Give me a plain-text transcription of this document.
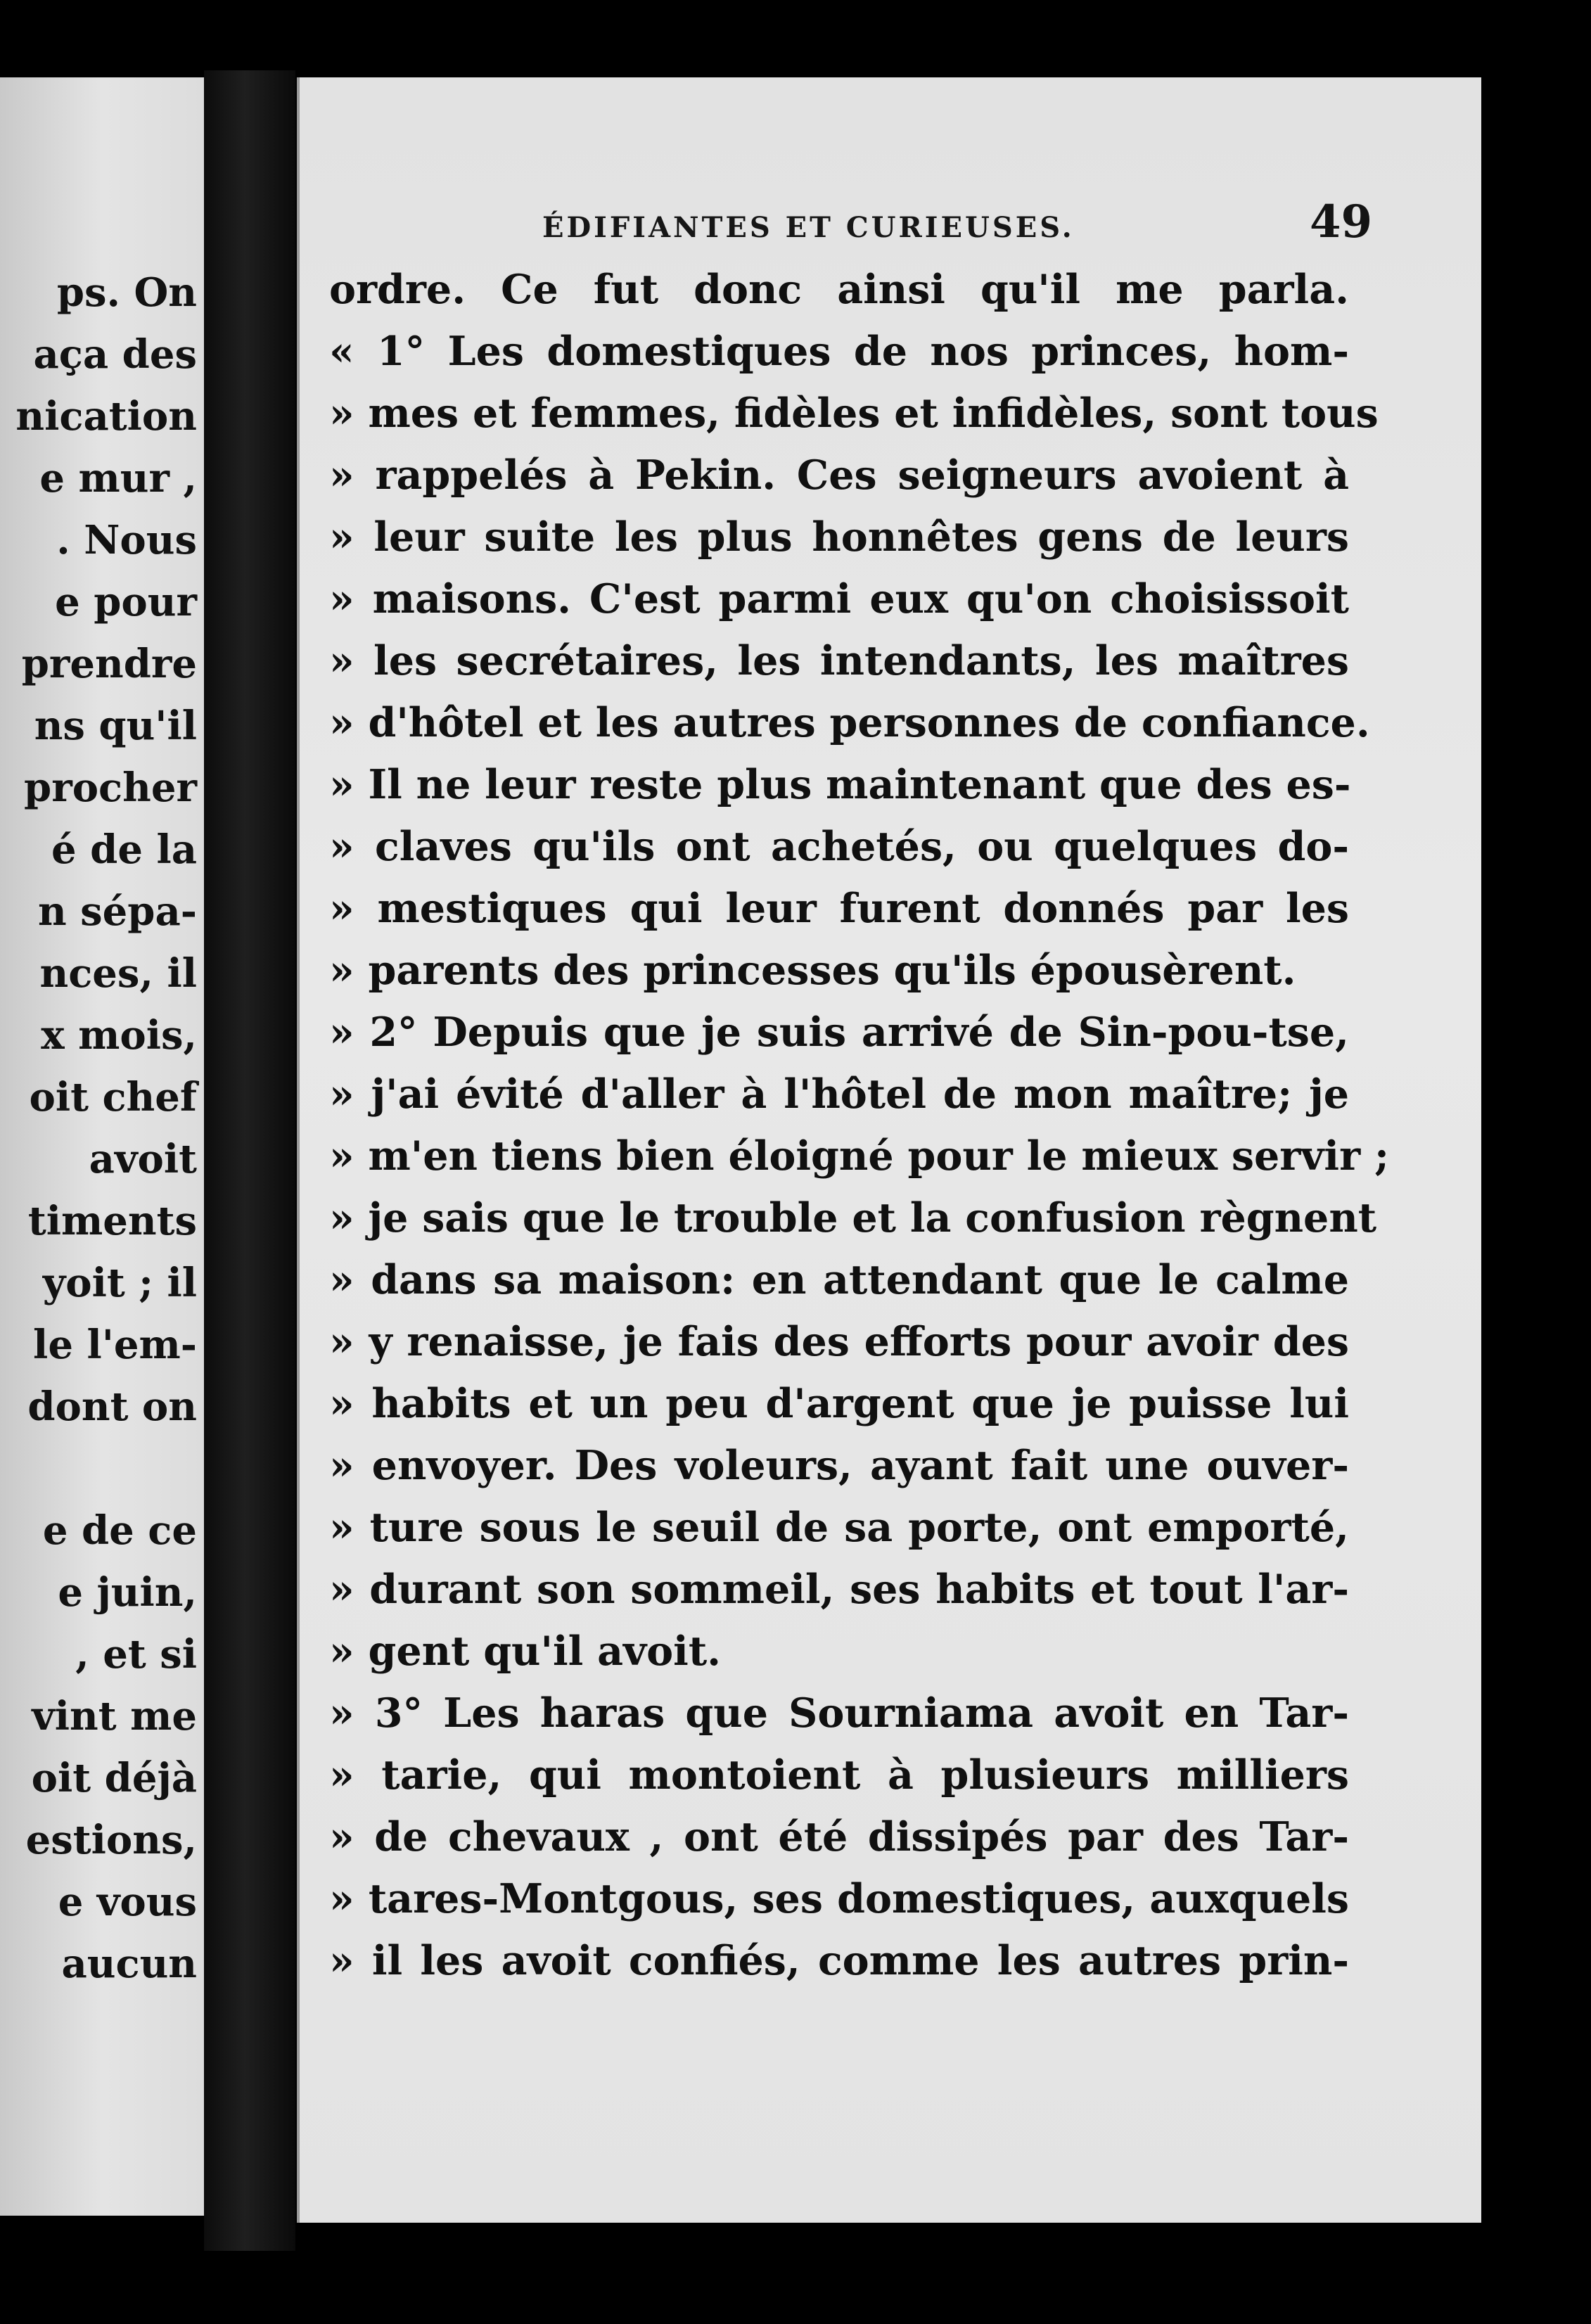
ps. On
aça des
nication
e mur ,
. Nous
e pour
prendre
ns qu'il
procher
é de la
n sépa-
nces, il
x mois,
oit chef
avoit
timents
yoit ; il
le l'em-
dont on
e de ce
e juin,
, et si
vint me
oit déjà
estions,
e vous
aucun
ÉDIFIANTES ET CURIEUSES.	49
ordre. Ce fut donc ainsi qu'il me parla.
« 1° Les domestiques de nos princes, hom-
» mes et femmes, fidèles et infidèles, sont tous
» rappelés à Pekin. Ces seigneurs avoient à
» leur suite les plus honnêtes gens de leurs
» maisons. C'est parmi eux qu'on choisissoit
» les secrétaires, les intendants, les maîtres
» d'hôtel et les autres personnes de confiance.
» Il ne leur reste plus maintenant que des es-
» claves qu'ils ont achetés, ou quelques do-
» mestiques qui leur furent donnés par les
» parents des princesses qu'ils épousèrent.
» 2° Depuis que je suis arrivé de Sin-pou-tse,
» j'ai évité d'aller à l'hôtel de mon maître; je
» m'en tiens bien éloigné pour le mieux servir ;
» je sais que le trouble et la confusion règnent
» dans sa maison: en attendant que le calme
» y renaisse, je fais des efforts pour avoir des
» habits et un peu d'argent que je puisse lui
» envoyer. Des voleurs, ayant fait une ouver-
» ture sous le seuil de sa porte, ont emporté,
» durant son sommeil, ses habits et tout l'ar-
» gent qu'il avoit.
» 3° Les haras que Sourniama avoit en Tar-
» tarie, qui montoient à plusieurs milliers
» de chevaux , ont été dissipés par des Tar-
» tares-Montgous, ses domestiques, auxquels
» il les avoit confiés, comme les autres prin-
